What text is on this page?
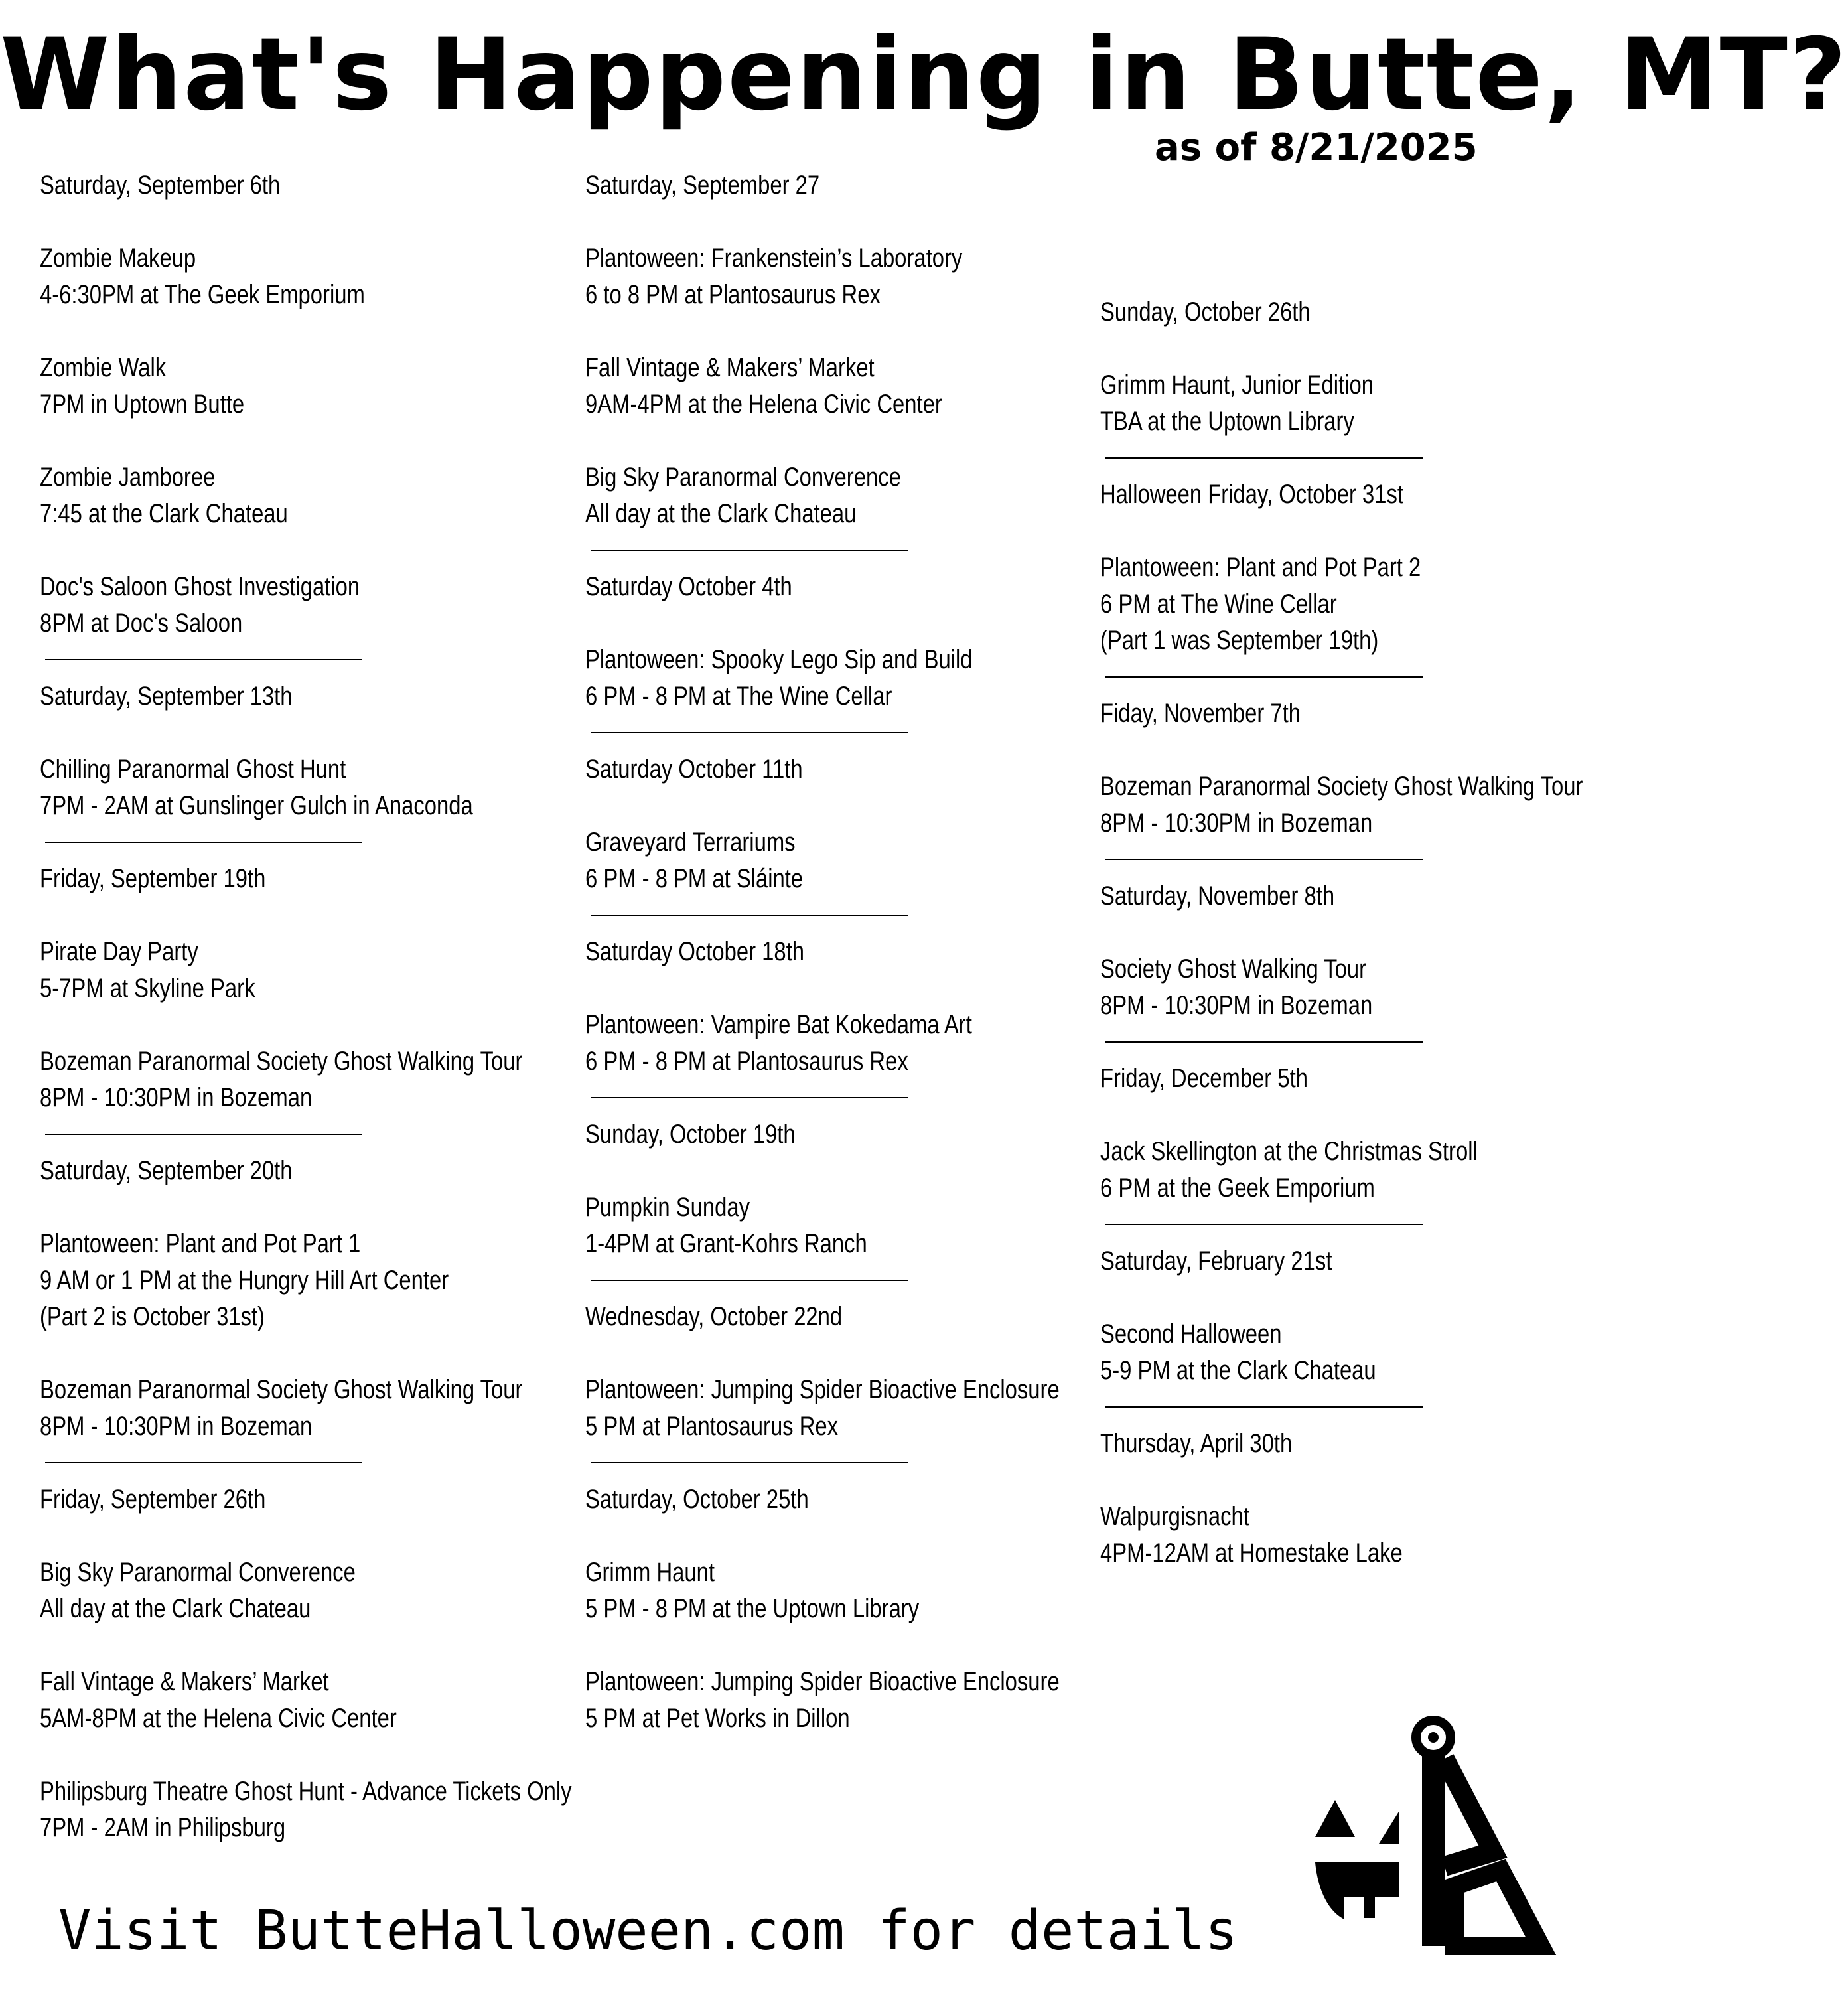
What's Happening in Butte, MT?
as of 8/21/2025
Saturday, September 6th
Zombie Makeup
4-6:30PM at The Geek Emporium
Zombie Walk
7PM in Uptown Butte
Zombie Jamboree
7:45 at the Clark Chateau
Doc's Saloon Ghost Investigation
8PM at Doc's Saloon
Saturday, September 13th
Chilling Paranormal Ghost Hunt
7PM - 2AM at Gunslinger Gulch in Anaconda
Friday, September 19th
Pirate Day Party
5-7PM at Skyline Park
Bozeman Paranormal Society Ghost Walking Tour
8PM - 10:30PM in Bozeman
Saturday, September 20th
Plantoween: Plant and Pot Part 1
9 AM or 1 PM at the Hungry Hill Art Center
(Part 2 is October 31st)
Bozeman Paranormal Society Ghost Walking Tour
8PM - 10:30PM in Bozeman
Friday, September 26th
Big Sky Paranormal Converence
All day at the Clark Chateau
Fall Vintage & Makers’ Market
5AM-8PM at the Helena Civic Center
Philipsburg Theatre Ghost Hunt - Advance Tickets Only
7PM - 2AM in Philipsburg
Saturday, September 27
Plantoween: Frankenstein’s Laboratory
6 to 8 PM at Plantosaurus Rex
Fall Vintage & Makers’ Market
9AM-4PM at the Helena Civic Center
Big Sky Paranormal Converence
All day at the Clark Chateau
Saturday October 4th
Plantoween: Spooky Lego Sip and Build
6 PM - 8 PM at The Wine Cellar
Saturday October 11th
Graveyard Terrariums
6 PM - 8 PM at Sláinte
Saturday October 18th
Plantoween: Vampire Bat Kokedama Art
6 PM - 8 PM at Plantosaurus Rex
Sunday, October 19th
Pumpkin Sunday
1-4PM at Grant-Kohrs Ranch
Wednesday, October 22nd
Plantoween: Jumping Spider Bioactive Enclosure
5 PM at Plantosaurus Rex
Saturday, October 25th
Grimm Haunt
5 PM - 8 PM at the Uptown Library
Plantoween: Jumping Spider Bioactive Enclosure
5 PM at Pet Works in Dillon
Sunday, October 26th
Grimm Haunt, Junior Edition
TBA at the Uptown Library
Halloween Friday, October 31st
Plantoween: Plant and Pot Part 2
6 PM at The Wine Cellar
(Part 1 was September 19th)
Fiday, November 7th
Bozeman Paranormal Society Ghost Walking Tour
8PM - 10:30PM in Bozeman
Saturday, November 8th
Society Ghost Walking Tour
8PM - 10:30PM in Bozeman
Friday, December 5th
Jack Skellington at the Christmas Stroll
6 PM at the Geek Emporium
Saturday, February 21st
Second Halloween
5-9 PM at the Clark Chateau
Thursday, April 30th
Walpurgisnacht
4PM-12AM at Homestake Lake
Visit ButteHalloween.com for details
